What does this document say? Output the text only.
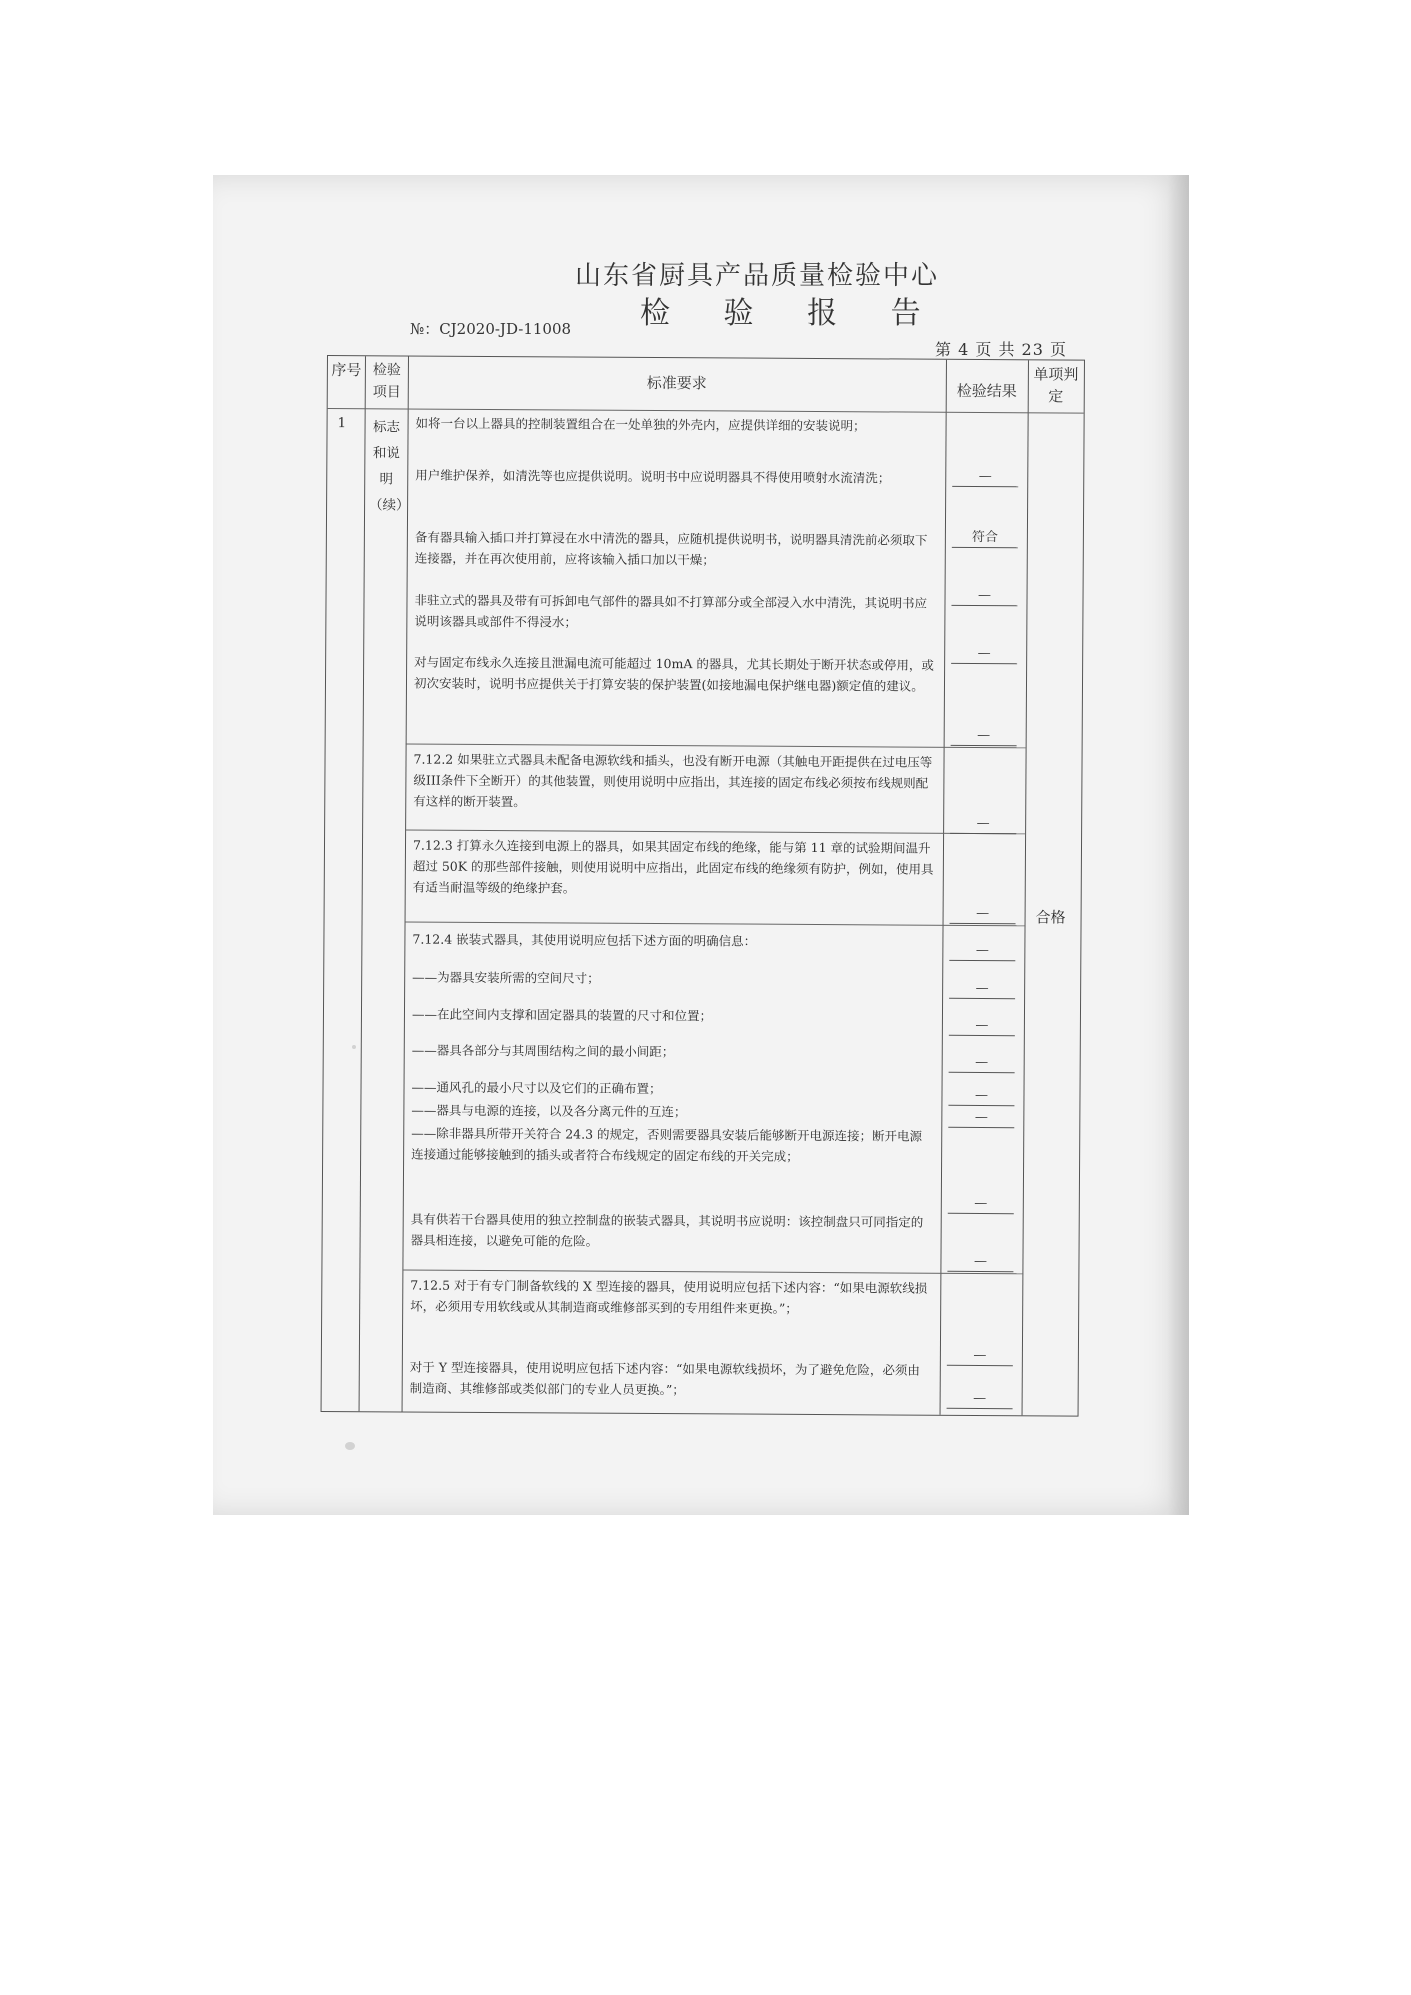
山东省厨具产品质量检验中心
检 验 报 告
№：CJ2020-JD-11008
第 4 页 共 23 页
序号 检验项目
标准要求	检验结果
单项判定
1 标志和说明（续）
如将一台以上器具的控制装置组合在一处单独的外壳内，应提供详细的安装说明；
用户维护保养，如清洗等也应提供说明。说明书中应说明器具不得使用喷射水流清洗；
备有器具输入插口并打算浸在水中清洗的器具，应随机提供说明书，说明器具清洗前必须取下连接器，并在再次使用前，应将该输入插口加以干燥；
非驻立式的器具及带有可拆卸电气部件的器具如不打算部分或全部浸入水中清洗，其说明书应说明该器具或部件不得浸水；
对与固定布线永久连接且泄漏电流可能超过 10mA 的器具，尤其长期处于断开状态或停用，或初次安装时，说明书应提供关于打算安装的保护装置(如接地漏电保护继电器)额定值的建议。
7.12.2 如果驻立式器具未配备电源软线和插头，也没有断开电源（其触电开距提供在过电压等级III条件下全断开）的其他装置，则使用说明中应指出，其连接的固定布线必须按布线规则配有这样的断开装置。
7.12.3 打算永久连接到电源上的器具，如果其固定布线的绝缘，能与第 11 章的试验期间温升超过 50K 的那些部件接触，则使用说明中应指出，此固定布线的绝缘须有防护，例如，使用具有适当耐温等级的绝缘护套。
7.12.4 嵌装式器具，其使用说明应包括下述方面的明确信息：
——为器具安装所需的空间尺寸；
——在此空间内支撑和固定器具的装置的尺寸和位置；
——器具各部分与其周围结构之间的最小间距；
——通风孔的最小尺寸以及它们的正确布置；
——器具与电源的连接，以及各分离元件的互连；
——除非器具所带开关符合 24.3 的规定，否则需要器具安装后能够断开电源连接；断开电源连接通过能够接触到的插头或者符合布线规定的固定布线的开关完成；
具有供若干台器具使用的独立控制盘的嵌装式器具，其说明书应说明：该控制盘只可同指定的器具相连接，以避免可能的危险。
7.12.5 对于有专门制备软线的 X 型连接的器具，使用说明应包括下述内容：“如果电源软线损坏，必须用专用软线或从其制造商或维修部买到的专用组件来更换。”；
对于 Y 型连接器具，使用说明应包括下述内容：“如果电源软线损坏，为了避免危险，必须由制造商、其维修部或类似部门的专业人员更换。”；
—
符合
—
—
—
—
—
—
—
—
—
—
—
—
—
—
—
合格
